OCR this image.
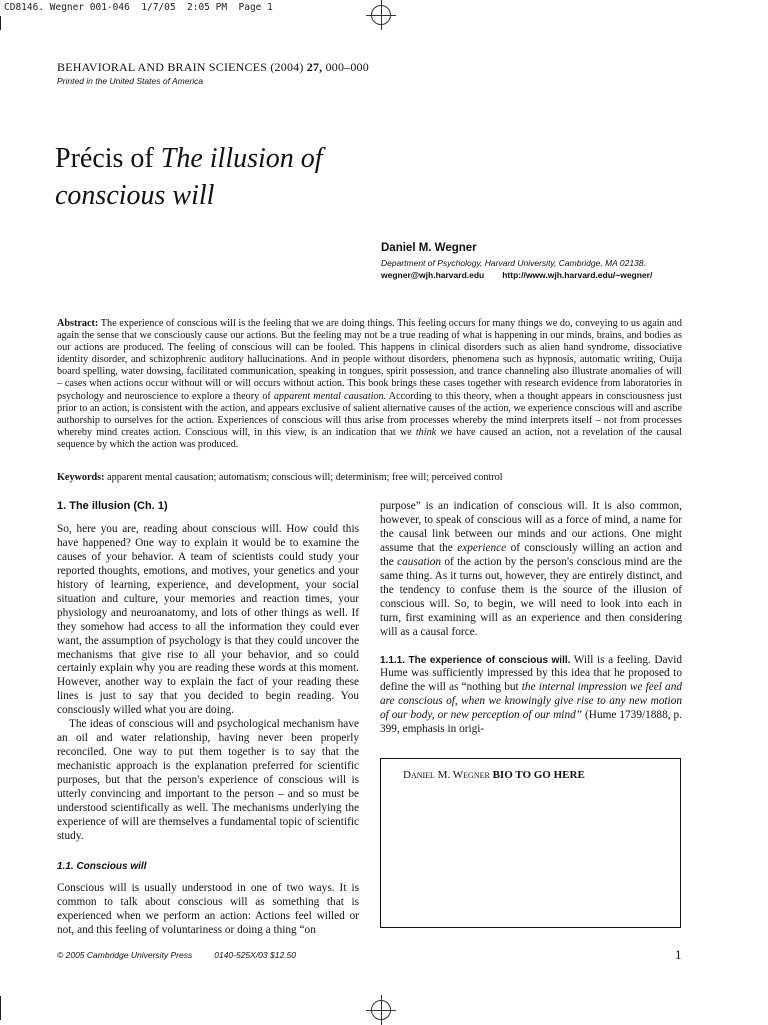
CD8146. Wegner 001-046  1/7/05  2:05 PM  Page 1
BEHAVIORAL AND BRAIN SCIENCES (2004) 27, 000–000
Printed in the United States of America
Précis of The illusion of
conscious will
Daniel M. Wegner
Department of Psychology, Harvard University, Cambridge, MA 02138.
wegner@wjh.harvard.edu http://www.wjh.harvard.edu/~wegner/
Abstract: The experience of conscious will is the feeling that we are doing things. This feeling occurs for many things we do, conveying to us again and again the sense that we consciously cause our actions. But the feeling may not be a true reading of what is happening in our minds, brains, and bodies as our actions are produced. The feeling of conscious will can be fooled. This happens in clinical disorders such as alien hand syndrome, dissociative identity disorder, and schizophrenic auditory hallucinations. And in people without disorders, phenomena such as hypnosis, automatic writing, Ouija board spelling, water dowsing, facilitated communication, speaking in tongues, spirit possession, and trance channeling also illustrate anomalies of will – cases when actions occur without will or will occurs without action. This book brings these cases together with research evidence from laboratories in psychology and neuroscience to explore a theory of apparent mental causation. According to this theory, when a thought appears in consciousness just prior to an action, is consistent with the action, and appears exclusive of salient alternative causes of the action, we experience conscious will and ascribe authorship to ourselves for the action. Experiences of conscious will thus arise from processes whereby the mind interprets itself – not from processes whereby mind creates action. Conscious will, in this view, is an indication that we think we have caused an action, not a revelation of the causal sequence by which the action was produced.
Keywords: apparent mental causation; automatism; conscious will; determinism; free will; perceived control
1. The illusion (Ch. 1)

So, here you are, reading about conscious will. How could this have happened? One way to explain it would be to examine the causes of your behavior. A team of scientists could study your reported thoughts, emotions, and motives, your genetics and your history of learning, experience, and development, your social situation and culture, your memories and reaction times, your physiology and neuroanatomy, and lots of other things as well. If they somehow had access to all the information they could ever want, the assumption of psychology is that they could uncover the mechanisms that give rise to all your behavior, and so could certainly explain why you are reading these words at this moment. However, another way to explain the fact of your reading these lines is just to say that you decided to begin reading. You consciously willed what you are doing.

The ideas of conscious will and psychological mechanism have an oil and water relationship, having never been properly reconciled. One way to put them together is to say that the mechanistic approach is the explanation preferred for scientific purposes, but that the person's experience of conscious will is utterly convincing and important to the person – and so must be understood scientifically as well. The mechanisms underlying the experience of will are themselves a fundamental topic of scientific study.

1.1. Conscious will

Conscious will is usually understood in one of two ways. It is common to talk about conscious will as something that is experienced when we perform an action: Actions feel willed or not, and this feeling of voluntariness or doing a thing “on

purpose” is an indication of conscious will. It is also common, however, to speak of conscious will as a force of mind, a name for the causal link between our minds and our actions. One might assume that the experience of consciously willing an action and the causation of the action by the person's conscious mind are the same thing. As it turns out, however, they are entirely distinct, and the tendency to confuse them is the source of the illusion of conscious will. So, to begin, we will need to look into each in turn, first examining will as an experience and then considering will as a causal force.

1.1.1. The experience of conscious will. Will is a feeling. David Hume was sufficiently impressed by this idea that he proposed to define the will as “nothing but the internal impression we feel and are conscious of, when we knowingly give rise to any new motion of our body, or new perception of our mind” (Hume 1739/1888, p. 399, emphasis in origi-

Daniel M. Wegner BIO TO GO HERE
© 2005 Cambridge University Press	0140-525X/03 $12.50	1
